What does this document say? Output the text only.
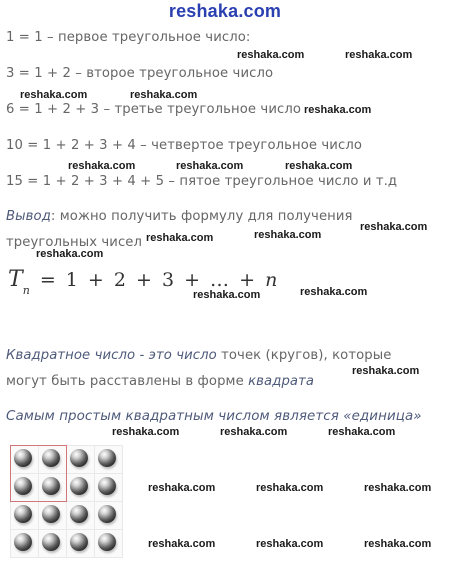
reshaka.com
1 = 1 – первое треугольное число:
3 = 1 + 2 – второе треугольное число
6 = 1 + 2 + 3 – третье треугольное число
10 = 1 + 2 + 3 + 4 – четвертое треугольное число
15 = 1 + 2 + 3 + 4 + 5 – пятое треугольное число и т.д
Вывод: можно получить формулу для получения
треугольных чисел
$T_n = 1 + 2 + 3$ + … + n
Квадратное число - это число точек (кругов), которые
могут быть расставлены в форме квадрата
Самым простым квадратным числом является «единица»
reshaka.com	reshaka.com
reshaka.com	reshaka.com
reshaka.com
reshaka.com	reshaka.com	reshaka.com
reshaka.com	reshaka.com
reshaka.com
reshaka.com
reshaka.com	reshaka.com
reshaka.com
reshaka.com	reshaka.com	reshaka.com
reshaka.com	reshaka.com	reshaka.com
reshaka.com	reshaka.com	reshaka.com
